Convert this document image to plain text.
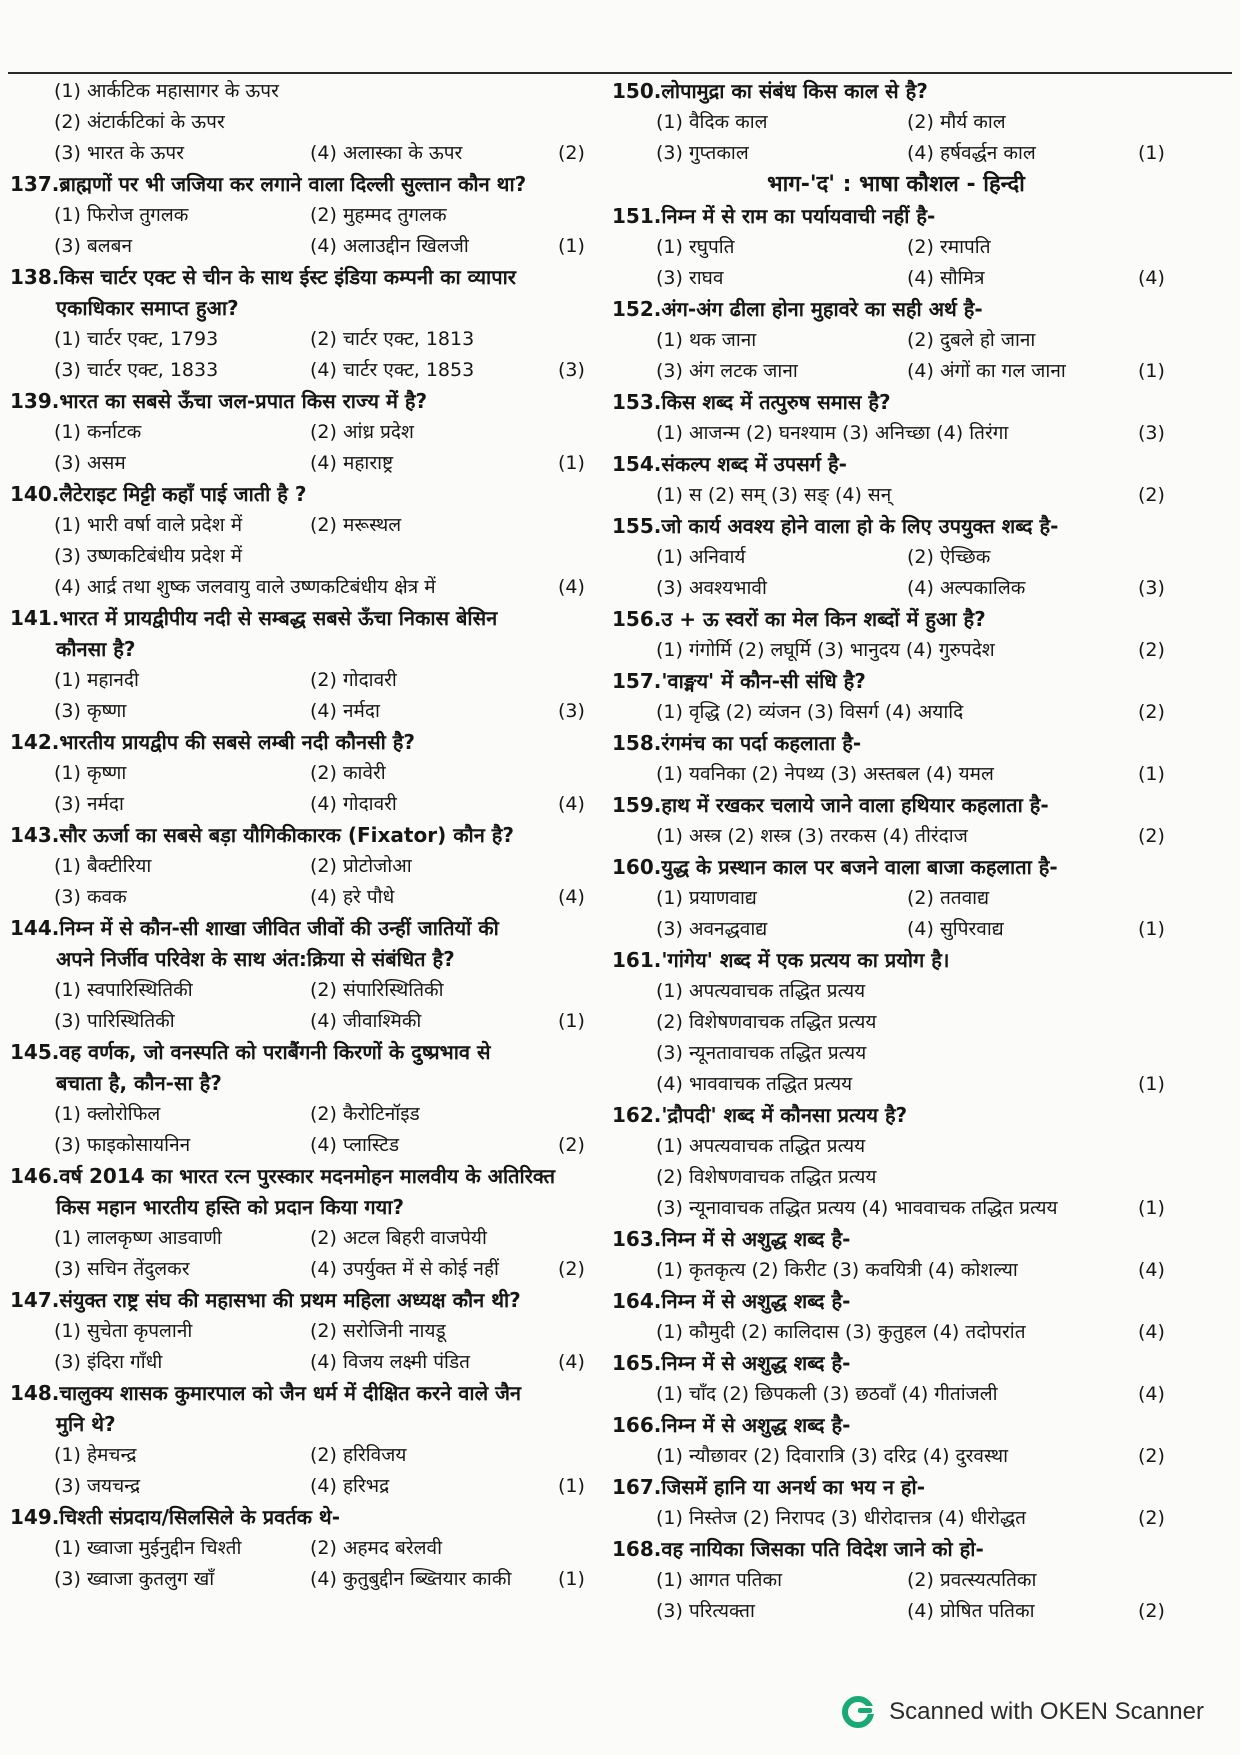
(1) आर्कटिक महासागर के ऊपर
(2) अंटार्कटिकां के ऊपर
(3) भारत के ऊपर	(4) अलास्का के ऊपर	(2)
137.ब्राह्मणों पर भी जजिया कर लगाने वाला दिल्ली सुल्तान कौन था?
(1) फिरोज तुगलक	(2) मुहम्मद तुगलक
(3) बलबन	(4) अलाउद्दीन खिलजी	(1)
138.किस चार्टर एक्ट से चीन के साथ ईस्ट इंडिया कम्पनी का व्यापार
एकाधिकार समाप्त हुआ?
(1) चार्टर एक्ट, 1793	(2) चार्टर एक्ट, 1813
(3) चार्टर एक्ट, 1833	(4) चार्टर एक्ट, 1853	(3)
139.भारत का सबसे ऊँचा जल-प्रपात किस राज्य में है?
(1) कर्नाटक	(2) आंध्र प्रदेश
(3) असम	(4) महाराष्ट्र	(1)
140.लैटेराइट मिट्टी कहाँ पाई जाती है ?
(1) भारी वर्षा वाले प्रदेश में	(2) मरूस्थल
(3) उष्णकटिबंधीय प्रदेश में
(4) आर्द्र तथा शुष्क जलवायु वाले उष्णकटिबंधीय क्षेत्र में	(4)
141.भारत में प्रायद्वीपीय नदी से सम्बद्ध सबसे ऊँचा निकास बेसिन
कौनसा है?
(1) महानदी	(2) गोदावरी
(3) कृष्णा	(4) नर्मदा	(3)
142.भारतीय प्रायद्वीप की सबसे लम्बी नदी कौनसी है?
(1) कृष्णा	(2) कावेरी
(3) नर्मदा	(4) गोदावरी	(4)
143.सौर ऊर्जा का सबसे बड़ा यौगिकीकारक (Fixator) कौन है?
(1) बैक्टीरिया	(2) प्रोटोजोआ
(3) कवक	(4) हरे पौधे	(4)
144.निम्न में से कौन-सी शाखा जीवित जीवों की उन्हीं जातियों की
अपने निर्जीव परिवेश के साथ अंत:क्रिया से संबंधित है?
(1) स्वपारिस्थितिकी	(2) संपारिस्थितिकी
(3) पारिस्थितिकी	(4) जीवाश्मिकी	(1)
145.वह वर्णक, जो वनस्पति को पराबैंगनी किरणों के दुष्प्रभाव से
बचाता है, कौन-सा है?
(1) क्लोरोफिल	(2) कैरोटिनॉइड
(3) फाइकोसायनिन	(4) प्लास्टिड	(2)
146.वर्ष 2014 का भारत रत्न पुरस्कार मदनमोहन मालवीय के अतिरिक्त
किस महान भारतीय हस्ति को प्रदान किया गया?
(1) लालकृष्ण आडवाणी	(2) अटल बिहरी वाजपेयी
(3) सचिन तेंदुलकर	(4) उपर्युक्त में से कोई नहीं	(2)
147.संयुक्त राष्ट्र संघ की महासभा की प्रथम महिला अध्यक्ष कौन थी?
(1) सुचेता कृपलानी	(2) सरोजिनी नायडू
(3) इंदिरा गाँधी	(4) विजय लक्ष्मी पंडित	(4)
148.चालुक्य शासक कुमारपाल को जैन धर्म में दीक्षित करने वाले जैन
मुनि थे?
(1) हेमचन्द्र	(2) हरिविजय
(3) जयचन्द्र	(4) हरिभद्र	(1)
149.चिश्ती संप्रदाय/सिलसिले के प्रवर्तक थे-
(1) ख्वाजा मुईनुद्दीन चिश्ती	(2) अहमद बरेलवी
(3) ख्वाजा कुतलुग खाँ	(4) कुतुबुद्दीन ब्ख्तियार काकी (1)
150.लोपामुद्रा का संबंध किस काल से है?
(1) वैदिक काल	(2) मौर्य काल
(3) गुप्तकाल	(4) हर्षवर्द्धन काल	(1)
भाग-'द' : भाषा कौशल - हिन्दी
151.निम्न में से राम का पर्यायवाची नहीं है-
(1) रघुपति	(2) रमापति
(3) राघव	(4) सौमित्र	(4)
152.अंग-अंग ढीला होना मुहावरे का सही अर्थ है-
(1) थक जाना	(2) दुबले हो जाना
(3) अंग लटक जाना	(4) अंगों का गल जाना	(1)
153.किस शब्द में तत्पुरुष समास है?
(1) आजन्म (2) घनश्याम (3) अनिच्छा (4) तिरंगा	(3)
154.संकल्प शब्द में उपसर्ग है-
(1) स (2) सम् (3) सङ् (4) सन्	(2)
155.जो कार्य अवश्य होने वाला हो के लिए उपयुक्त शब्द है-
(1) अनिवार्य	(2) ऐच्छिक
(3) अवश्यभावी	(4) अल्पकालिक	(3)
156.उ + ऊ स्वरों का मेल किन शब्दों में हुआ है?
(1) गंगोर्मि (2) लघूर्मि (3) भानुदय (4) गुरुपदेश	(2)
157.'वाङ्मय' में कौन-सी संधि है?
(1) वृद्धि (2) व्यंजन (3) विसर्ग (4) अयादि	(2)
158.रंगमंच का पर्दा कहलाता है-
(1) यवनिका (2) नेपथ्य (3) अस्तबल (4) यमल	(1)
159.हाथ में रखकर चलाये जाने वाला हथियार कहलाता है-
(1) अस्त्र (2) शस्त्र (3) तरकस (4) तीरंदाज	(2)
160.युद्ध के प्रस्थान काल पर बजने वाला बाजा कहलाता है-
(1) प्रयाणवाद्य	(2) ततवाद्य
(3) अवनद्धवाद्य	(4) सुपिरवाद्य	(1)
161.'गांगेय' शब्द में एक प्रत्यय का प्रयोग है।
(1) अपत्यवाचक तद्धित प्रत्यय
(2) विशेषणवाचक तद्धित प्रत्यय
(3) न्यूनतावाचक तद्धित प्रत्यय
(4) भाववाचक तद्धित प्रत्यय	(1)
162.'द्रौपदी' शब्द में कौनसा प्रत्यय है?
(1) अपत्यवाचक तद्धित प्रत्यय
(2) विशेषणवाचक तद्धित प्रत्यय
(3) न्यूनावाचक तद्धित प्रत्यय (4) भाववाचक तद्धित प्रत्यय	(1)
163.निम्न में से अशुद्ध शब्द है-
(1) कृतकृत्य (2) किरीट (3) कवयित्री (4) कोशल्या	(4)
164.निम्न में से अशुद्ध शब्द है-
(1) कौमुदी (2) कालिदास (3) कुतुहल (4) तदोपरांत	(4)
165.निम्न में से अशुद्ध शब्द है-
(1) चाँद (2) छिपकली (3) छठवाँ (4) गीतांजली	(4)
166.निम्न में से अशुद्ध शब्द है-
(1) न्यौछावर (2) दिवारात्रि (3) दरिद्र (4) दुरवस्था	(2)
167.जिसमें हानि या अनर्थ का भय न हो-
(1) निस्तेज (2) निरापद (3) धीरोदात्तत्र (4) धीरोद्धत	(2)
168.वह नायिका जिसका पति विदेश जाने को हो-
(1) आगत पतिका	(2) प्रवत्स्यत्पतिका
(3) परित्यक्ता	(4) प्रोषित पतिका	(2)
Scanned with OKEN Scanner
